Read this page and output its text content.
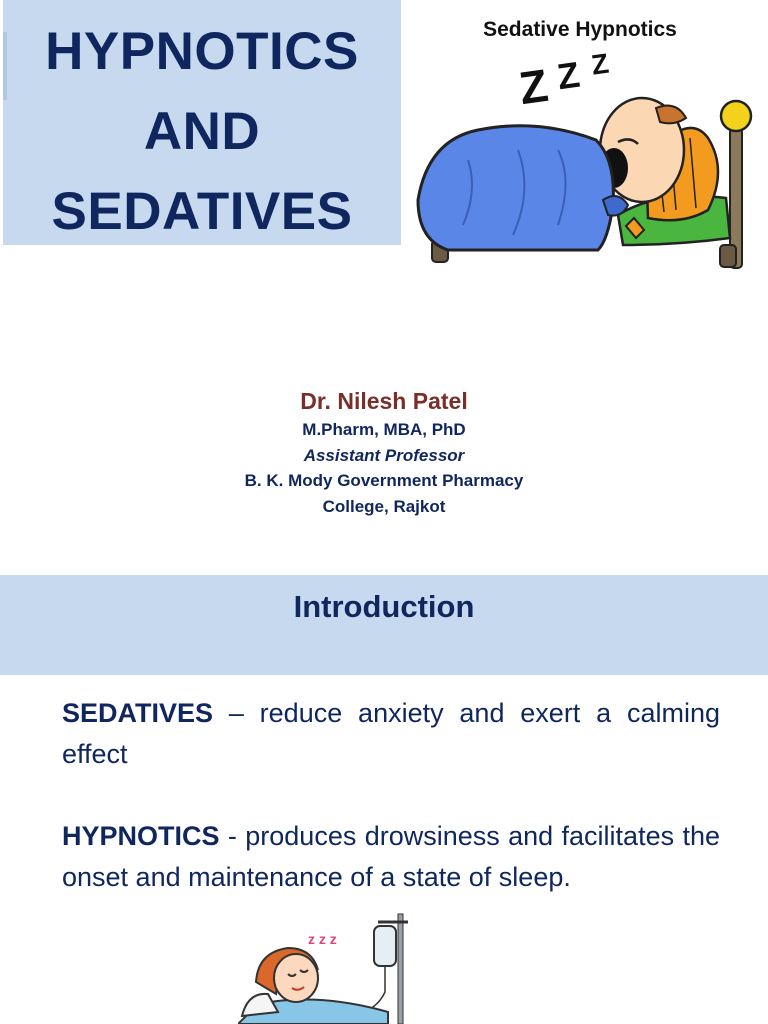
HYPNOTICS
AND
SEDATIVES
Sedative Hypnotics
Z Z Z
Dr. Nilesh Patel
M.Pharm, MBA, PhD
Assistant Professor
B. K. Mody Government Pharmacy
College, Rajkot
Introduction
SEDATIVES – reduce anxiety and exert a calming effect
HYPNOTICS - produces drowsiness and facilitates the onset and maintenance of a state of sleep.
z z z
